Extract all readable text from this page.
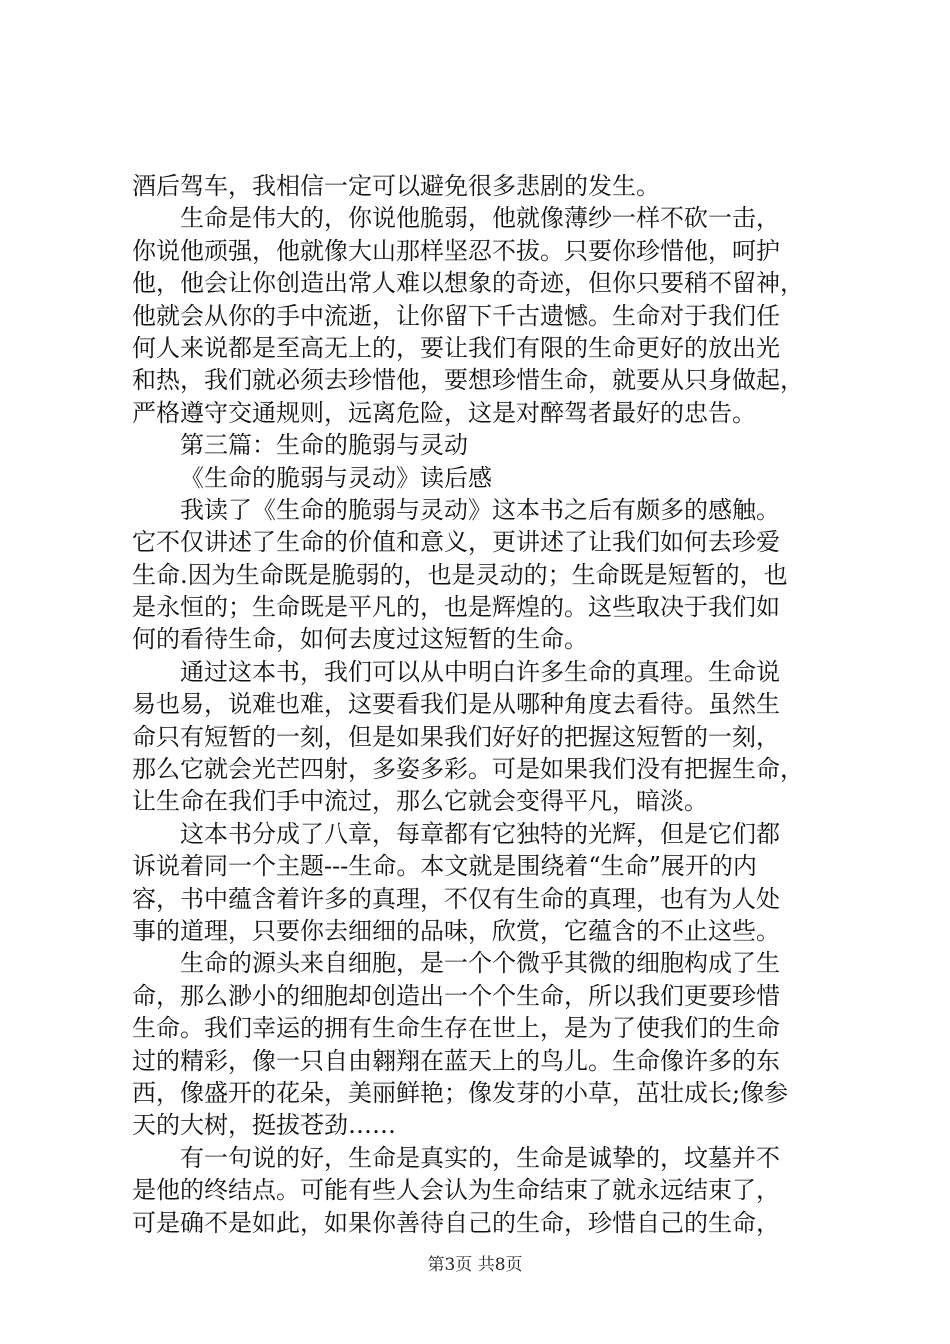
酒后驾车，我相信一定可以避免很多悲剧的发生。
生命是伟大的，你说他脆弱，他就像薄纱一样不砍一击，
你说他顽强，他就像大山那样坚忍不拔。只要你珍惜他，呵护
他，他会让你创造出常人难以想象的奇迹，但你只要稍不留神，
他就会从你的手中流逝，让你留下千古遗憾。生命对于我们任
何人来说都是至高无上的，要让我们有限的生命更好的放出光
和热，我们就必须去珍惜他，要想珍惜生命，就要从只身做起，
严格遵守交通规则，远离危险，这是对醉驾者最好的忠告。
第三篇：生命的脆弱与灵动
《生命的脆弱与灵动》读后感
我读了《生命的脆弱与灵动》这本书之后有颇多的感触。
它不仅讲述了生命的价值和意义，更讲述了让我们如何去珍爱
生命.因为生命既是脆弱的，也是灵动的；生命既是短暂的，也
是永恒的；生命既是平凡的，也是辉煌的。这些取决于我们如
何的看待生命，如何去度过这短暂的生命。
通过这本书，我们可以从中明白许多生命的真理。生命说
易也易，说难也难，这要看我们是从哪种角度去看待。虽然生
命只有短暂的一刻，但是如果我们好好的把握这短暂的一刻，
那么它就会光芒四射，多姿多彩。可是如果我们没有把握生命，
让生命在我们手中流过，那么它就会变得平凡，暗淡。
这本书分成了八章，每章都有它独特的光辉，但是它们都
诉说着同一个主题---生命。本文就是围绕着“生命”展开的内
容，书中蕴含着许多的真理，不仅有生命的真理，也有为人处
事的道理，只要你去细细的品味，欣赏，它蕴含的不止这些。
生命的源头来自细胞，是一个个微乎其微的细胞构成了生
命，那么渺小的细胞却创造出一个个生命，所以我们更要珍惜
生命。我们幸运的拥有生命生存在世上，是为了使我们的生命
过的精彩，像一只自由翱翔在蓝天上的鸟儿。生命像许多的东
西，像盛开的花朵，美丽鲜艳；像发芽的小草，茁壮成长;像参
天的大树，挺拔苍劲……
有一句说的好，生命是真实的，生命是诚挚的，坟墓并不
是他的终结点。可能有些人会认为生命结束了就永远结束了，
可是确不是如此，如果你善待自己的生命，珍惜自己的生命，
第3页 共8页
